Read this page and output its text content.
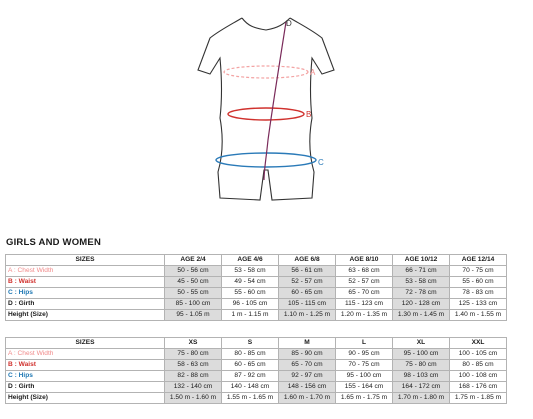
D
A
B
C
GIRLS AND WOMEN
SIZES	AGE 2/4	AGE 4/6	AGE 6/8	AGE 8/10	AGE 10/12	AGE 12/14
A : Chest Width	50 - 56 cm	53 - 58 cm	56 - 61 cm	63 - 68 cm	66 - 71 cm	70 - 75 cm
B : Waist	45 - 50 cm	49 - 54 cm	52 - 57 cm	52 - 57 cm	53 - 58 cm	55 - 60 cm
C : Hips	50 - 55 cm	55 - 60 cm	60 - 65 cm	65 - 70 cm	72 - 78 cm	78 - 83 cm
D : Girth	85 - 100 cm	96 - 105 cm	105 - 115 cm	115 - 123 cm	120 - 128 cm	125 - 133 cm
Height (Size)	95 - 1.05 m	1 m - 1.15 m	1.10 m - 1.25 m	1.20 m - 1.35 m	1.30 m - 1.45 m	1.40 m - 1.55 m
SIZES	XS	S	M	L	XL	XXL
A : Chest Width	75 - 80 cm	80 - 85 cm	85 - 90 cm	90 - 95 cm	95 - 100 cm	100 - 105 cm
B : Waist	58 - 63 cm	60 - 65 cm	65 - 70 cm	70 - 75 cm	75 - 80 cm	80 - 85 cm
C : Hips	82 - 88 cm	87 - 92 cm	92 - 97 cm	95 - 100 cm	98 - 103 cm	100 - 108 cm
D : Girth	132 - 140 cm	140 - 148 cm	148 - 156 cm	155 - 164 cm	164 - 172 cm	168 - 176 cm
Height (Size)	1.50 m - 1.60 m	1.55 m - 1.65 m	1.60 m - 1.70 m	1.65 m - 1.75 m	1.70 m - 1.80 m	1.75 m - 1.85 m
